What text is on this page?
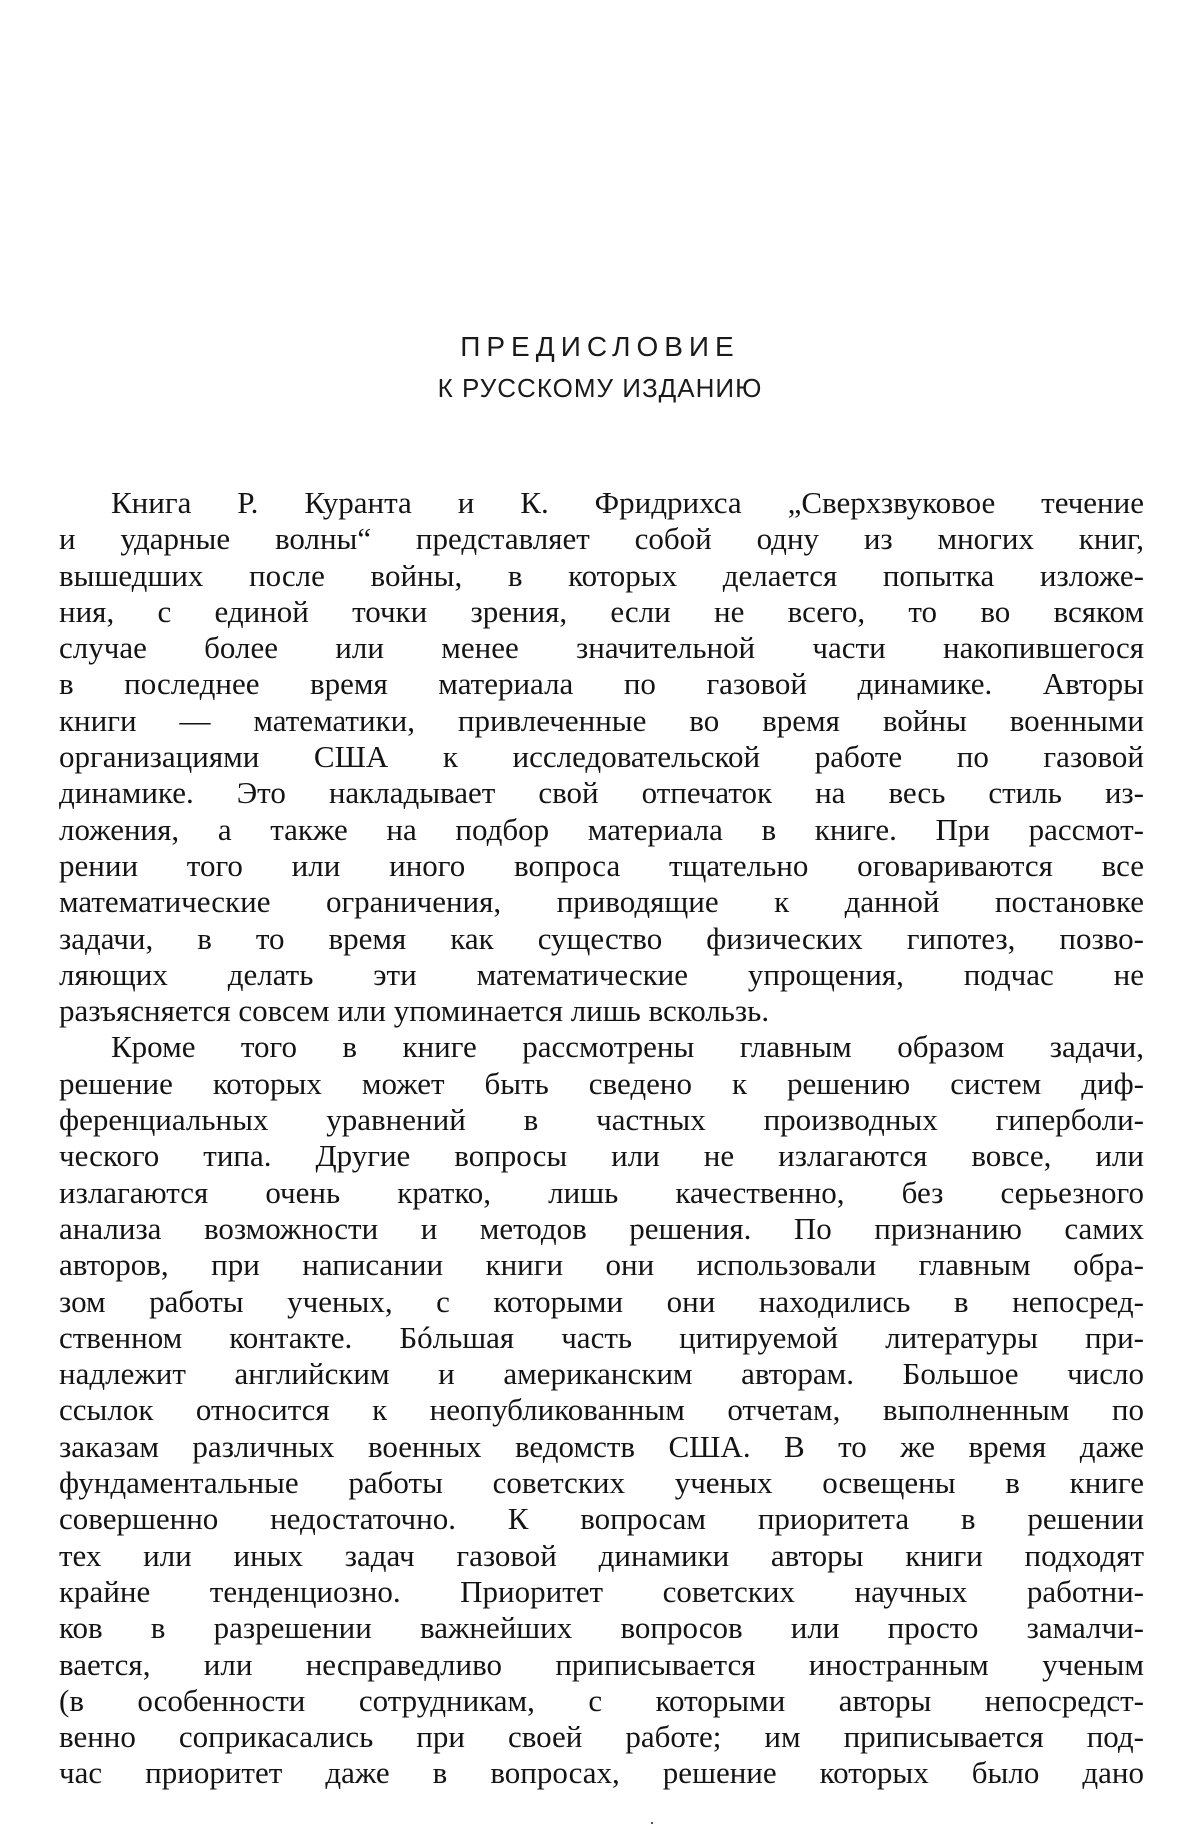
ПРЕДИСЛОВИЕ
К РУССКОМУ ИЗДАНИЮ
Книга Р. Куранта и К. Фридрихса „Сверхзвуковое течение
и ударные волны“ представляет собой одну из многих книг,
вышедших после войны, в которых делается попытка изложе-
ния, с единой точки зрения, если не всего, то во всяком
случае более или менее значительной части накопившегося
в последнее время материала по газовой динамике. Авторы
книги — математики, привлеченные во время войны военными
организациями США к исследовательской работе по газовой
динамике. Это накладывает свой отпечаток на весь стиль из-
ложения, а также на подбор материала в книге. При рассмот-
рении того или иного вопроса тщательно оговариваются все
математические ограничения, приводящие к данной постановке
задачи, в то время как существо физических гипотез, позво-
ляющих делать эти математические упрощения, подчас не
разъясняется совсем или упоминается лишь вскользь.
Кроме того в книге рассмотрены главным образом задачи,
решение которых может быть сведено к решению систем диф-
ференциальных уравнений в частных производных гиперболи-
ческого типа. Другие вопросы или не излагаются вовсе, или
излагаются очень кратко, лишь качественно, без серьезного
анализа возможности и методов решения. По признанию самих
авторов, при написании книги они использовали главным обра-
зом работы ученых, с которыми они находились в непосред-
ственном контакте. Бóльшая часть цитируемой литературы при-
надлежит английским и американским авторам. Большое число
ссылок относится к неопубликованным отчетам, выполненным по
заказам различных военных ведомств США. В то же время даже
фундаментальные работы советских ученых освещены в книге
совершенно недостаточно. К вопросам приоритета в решении
тех или иных задач газовой динамики авторы книги подходят
крайне тенденциозно. Приоритет советских научных работни-
ков в разрешении важнейших вопросов или просто замалчи-
вается, или несправедливо приписывается иностранным ученым
(в особенности сотрудникам, с которыми авторы непосредст-
венно соприкасались при своей работе; им приписывается под-
час приоритет даже в вопросах, решение которых было дано
